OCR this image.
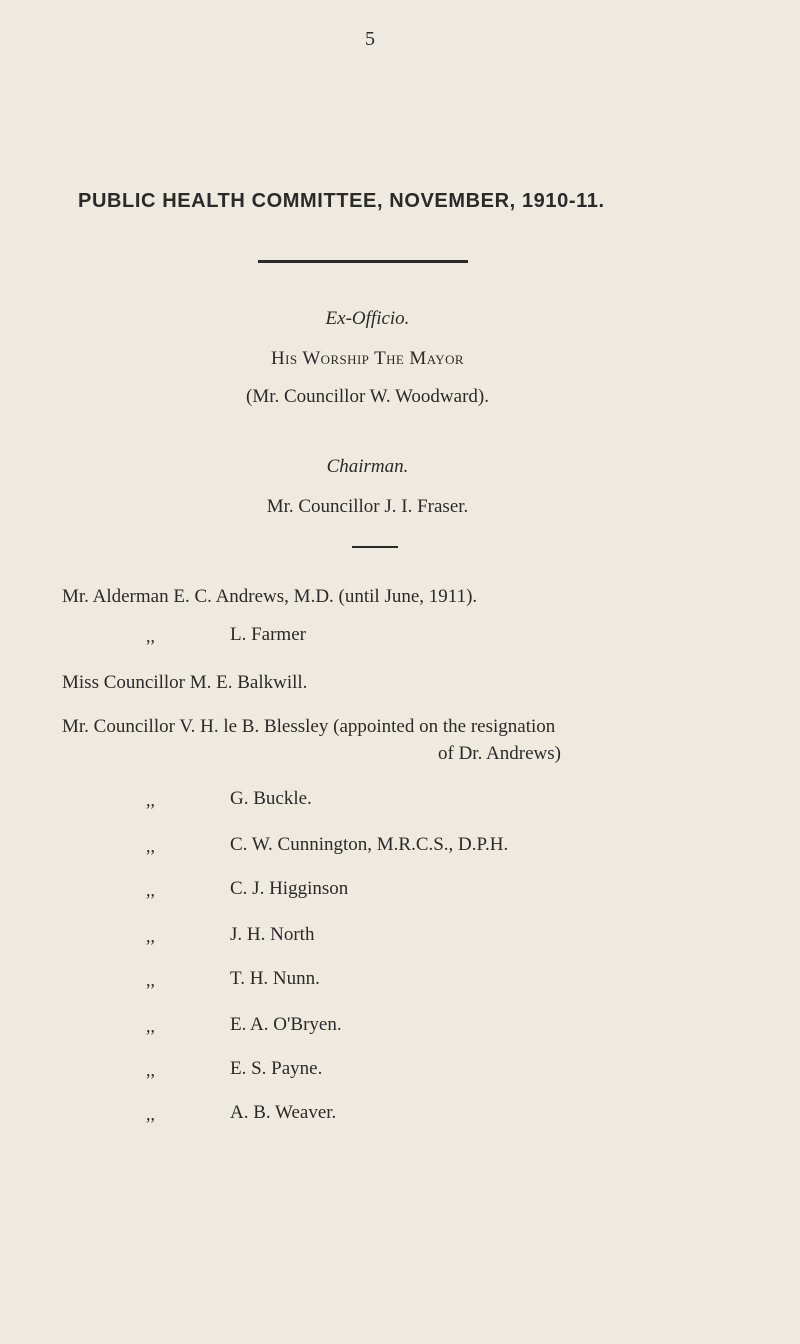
5
PUBLIC HEALTH COMMITTEE, NOVEMBER, 1910-11.
Ex-Officio.
His Worship The Mayor
(Mr. Councillor W. Woodward).
Chairman.
Mr. Councillor J. I. Fraser.
Mr. Alderman E. C. Andrews, M.D. (until June, 1911).
,,	L. Farmer
Miss Councillor M. E. Balkwill.
Mr. Councillor V. H. le B. Blessley (appointed on the resignation
of Dr. Andrews)
,,	G. Buckle.
,,	C. W. Cunnington, M.R.C.S., D.P.H.
,,	C. J. Higginson
,,	J. H. North
,,	T. H. Nunn.
,,	E. A. O'Bryen.
,,	E. S. Payne.
,,	A. B. Weaver.
